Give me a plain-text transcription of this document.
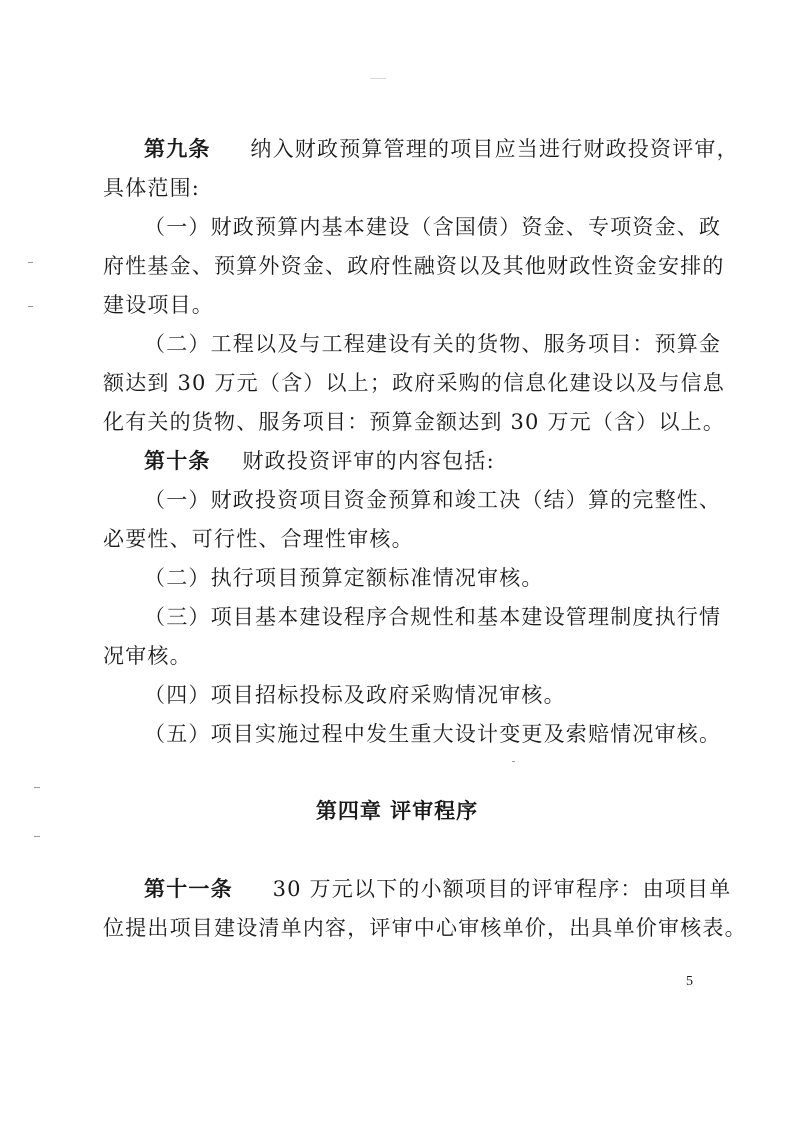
第九条 纳入财政预算管理的项目应当进行财政投资评审，
具体范围:
（一）财政预算内基本建设（含国债）资金、专项资金、政
府性基金、预算外资金、政府性融资以及其他财政性资金安排的
建设项目。
（二）工程以及与工程建设有关的货物、服务项目：预算金
额达到 30 万元（含）以上；政府采购的信息化建设以及与信息
化有关的货物、服务项目：预算金额达到 30 万元（含）以上。
第十条 财政投资评审的内容包括:
（一）财政投资项目资金预算和竣工决（结）算的完整性、
必要性、可行性、合理性审核。
（二）执行项目预算定额标准情况审核。
（三）项目基本建设程序合规性和基本建设管理制度执行情
况审核。
（四）项目招标投标及政府采购情况审核。
（五）项目实施过程中发生重大设计变更及索赔情况审核。
第四章 评审程序
第十一条 30 万元以下的小额项目的评审程序：由项目单
位提出项目建设清单内容，评审中心审核单价，出具单价审核表。
5
